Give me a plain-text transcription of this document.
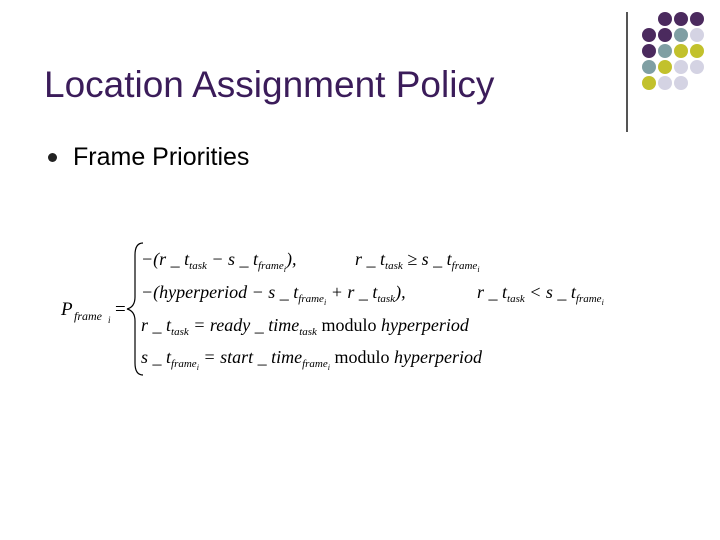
Location Assignment Policy
Frame Priorities
P frame i =
−(r _ $t_{task} - s$ _ $t_{frame}i$),	r _ $t_{task} \ge s$ _ $t_{frame}i$
−(hyperperiod − s _ $t_{frame}i + r$ _ $t_{task}$),	r _ $t_{task} < s$ _ $t_{frame}i$
r _ $t_{task}$ = ready _ time$_{task}$ modulo hyperperiod
s _ $t_{frame}i$ = start _ time$_{frame}$i modulo hyperperiod
